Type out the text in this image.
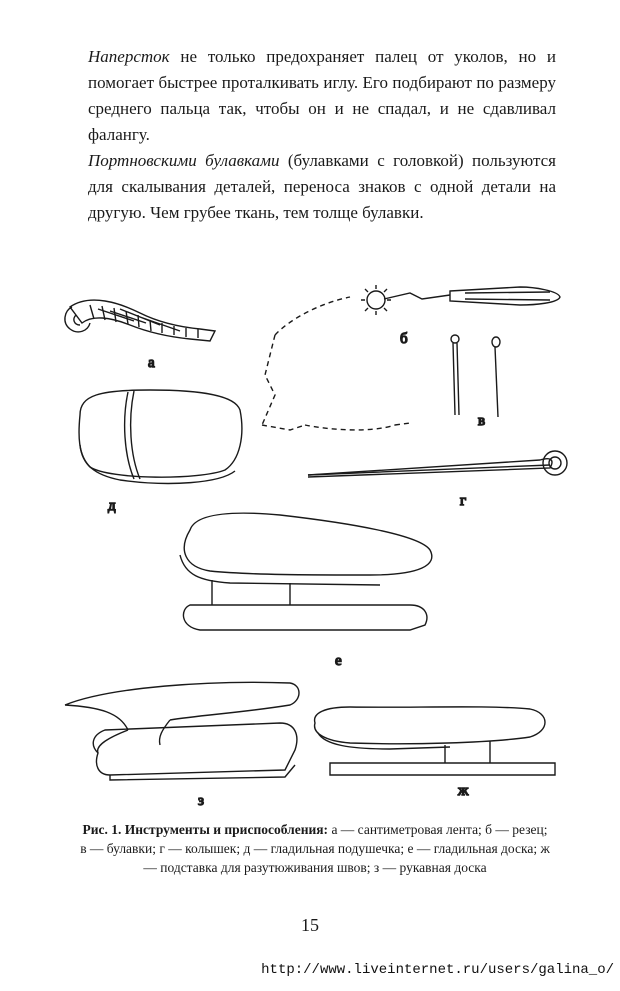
Наперсток не только предохраняет палец от уколов, но и помогает быстрее проталкивать иглу. Его подбирают по размеру среднего пальца так, чтобы он и не спадал, и не сдавливал фалангу.

Портновскими булавками (булавками с головкой) пользуются для скалывания деталей, переноса знаков с одной детали на другую. Чем грубее ткань, тем толще булавки.

а
б
в
г
д
е
ж
з
Рис. 1. Инструменты и приспособления: а — сантиметровая лента; б — резец; в — булавки; г — колышек; д — гладильная подушечка; е — гладильная доска; ж — подставка для разутюживания швов; з — рукавная доска
15
http://www.liveinternet.ru/users/galina_o/
